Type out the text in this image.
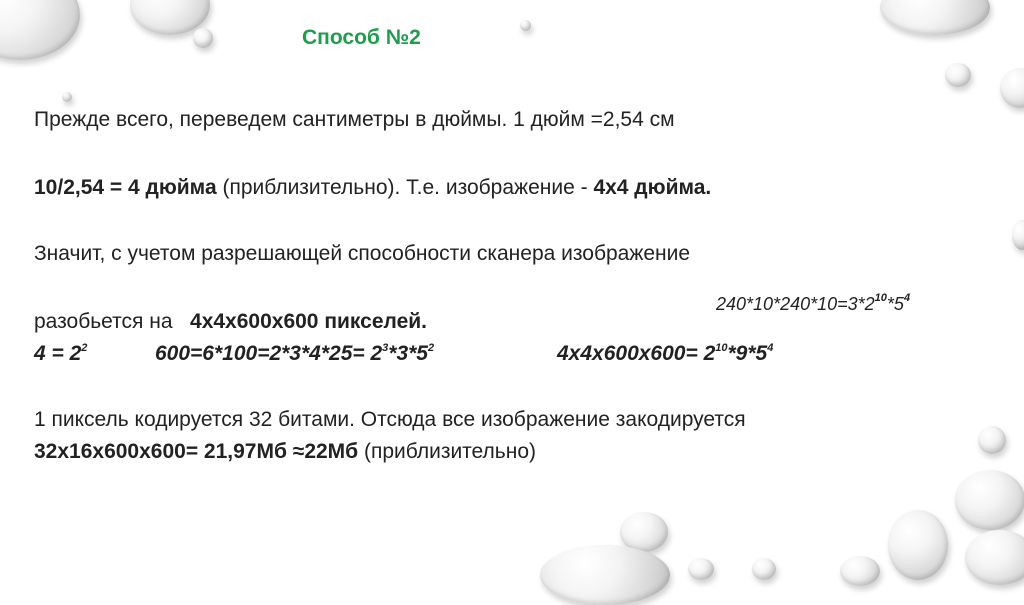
Способ №2
Прежде всего, переведем сантиметры в дюймы. 1 дюйм =2,54 см
10/2,54 = 4 дюйма (приблизительно). Т.е. изображение - 4х4 дюйма.
Значит, с учетом разрешающей способности сканера изображение
$240*10*240*10=3*2^{10}*5^4$
разобьется на   4х4х600х600 пикселей.
$4 = 2^2$	$600=6*100=2*3*4*25= 2^3*3*5^2$	$4х4х600х600= 2^{10}*9*5^4$
1 пиксель кодируется 32 битами. Отсюда все изображение закодируется
32х16х600х600= 21,97Мб ≈22Мб (приблизительно)
